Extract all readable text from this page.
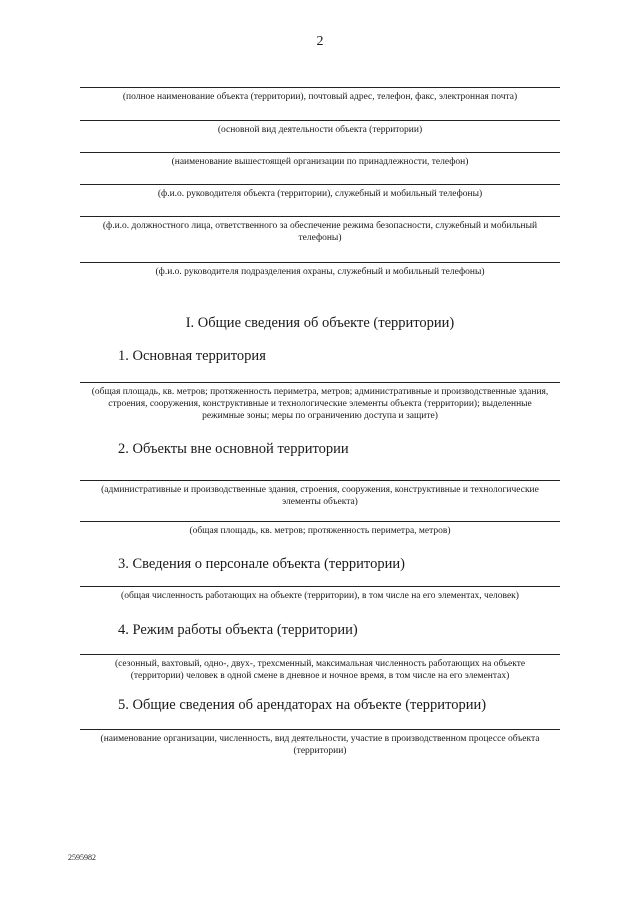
2
(полное наименование объекта (территории), почтовый адрес, телефон, факс, электронная почта)
(основной вид деятельности объекта (территории)
(наименование вышестоящей организации по принадлежности, телефон)
(ф.и.о. руководителя объекта (территории), служебный и мобильный телефоны)
(ф.и.о. должностного лица, ответственного за обеспечение режима безопасности, служебный и мобильный телефоны)
(ф.и.о. руководителя подразделения охраны, служебный и мобильный телефоны)
I. Общие сведения об объекте (территории)
1. Основная территория
(общая площадь, кв. метров; протяженность периметра, метров; административные и производственные здания, строения, сооружения, конструктивные и технологические элементы объекта (территории); выделенные режимные зоны; меры по ограничению доступа и защите)
2. Объекты вне основной территории
(административные и производственные здания, строения, сооружения, конструктивные и технологические элементы объекта)
(общая площадь, кв. метров; протяженность периметра, метров)
3. Сведения о персонале объекта (территории)
(общая численность работающих на объекте (территории), в том числе на его элементах, человек)
4. Режим работы объекта (территории)
(сезонный, вахтовый, одно-, двух-, трехсменный, максимальная численность работающих на объекте (территории) человек в одной смене в дневное и ночное время, в том числе на его элементах)
5. Общие сведения об арендаторах на объекте (территории)
(наименование организации, численность, вид деятельности, участие в производственном процессе объекта (территории)
2595982
